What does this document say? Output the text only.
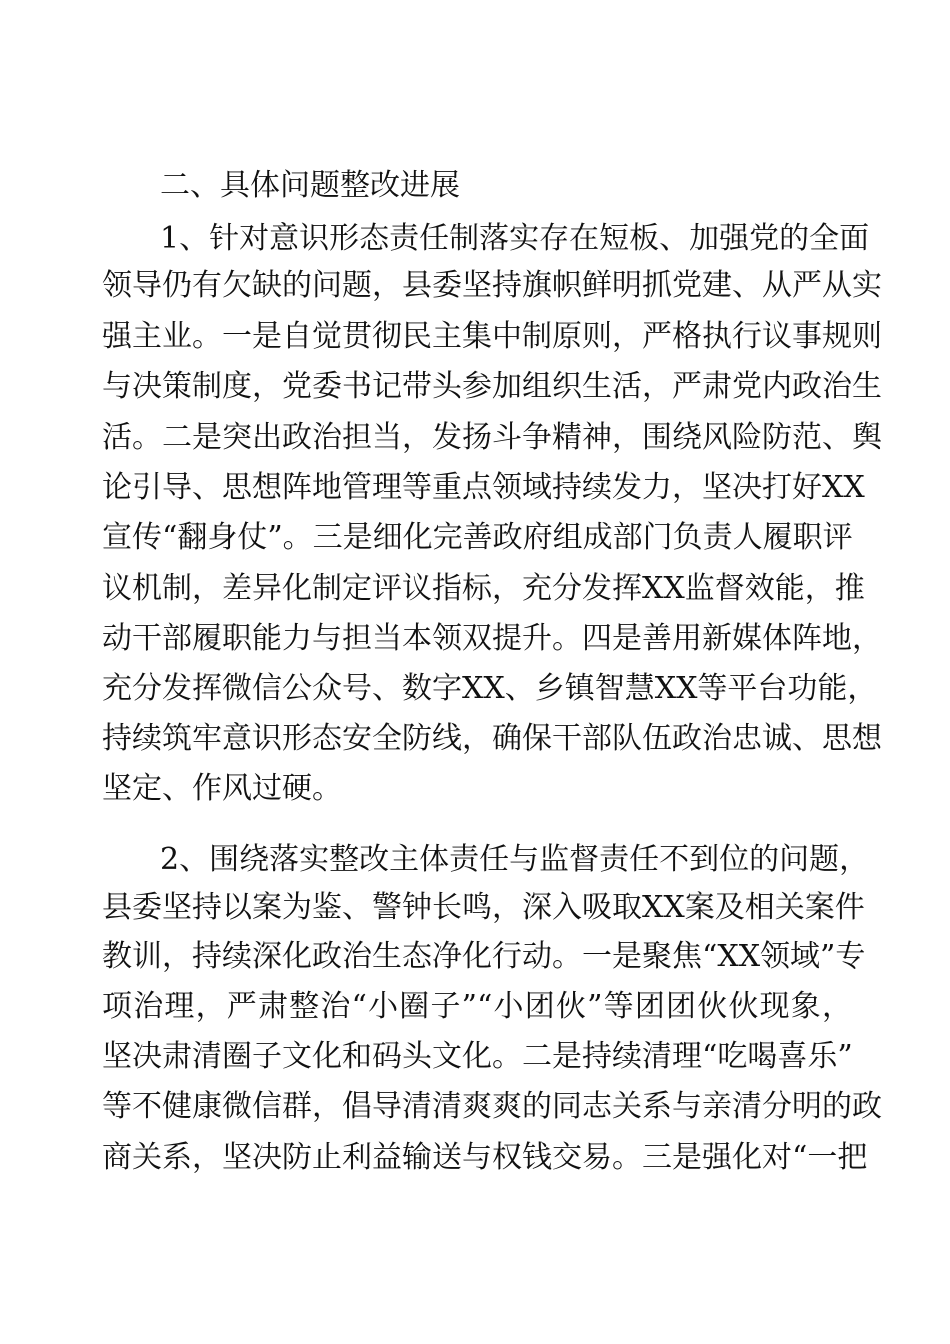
二、具体问题整改进展
1、针对意识形态责任制落实存在短板、加强党的全面
领导仍有欠缺的问题，县委坚持旗帜鲜明抓党建、从严从实
强主业。一是自觉贯彻民主集中制原则，严格执行议事规则
与决策制度，党委书记带头参加组织生活，严肃党内政治生
活。二是突出政治担当，发扬斗争精神，围绕风险防范、舆
论引导、思想阵地管理等重点领域持续发力，坚决打好XX
宣传“翻身仗”。三是细化完善政府组成部门负责人履职评
议机制，差异化制定评议指标，充分发挥XX监督效能，推
动干部履职能力与担当本领双提升。四是善用新媒体阵地，
充分发挥微信公众号、数字XX、乡镇智慧XX等平台功能，
持续筑牢意识形态安全防线，确保干部队伍政治忠诚、思想
坚定、作风过硬。
2、围绕落实整改主体责任与监督责任不到位的问题，
县委坚持以案为鉴、警钟长鸣，深入吸取XX案及相关案件
教训，持续深化政治生态净化行动。一是聚焦“XX领域”专
项治理，严肃整治“小圈子”“小团伙”等团团伙伙现象，
坚决肃清圈子文化和码头文化。二是持续清理“吃喝喜乐”
等不健康微信群，倡导清清爽爽的同志关系与亲清分明的政
商关系，坚决防止利益输送与权钱交易。三是强化对“一把
